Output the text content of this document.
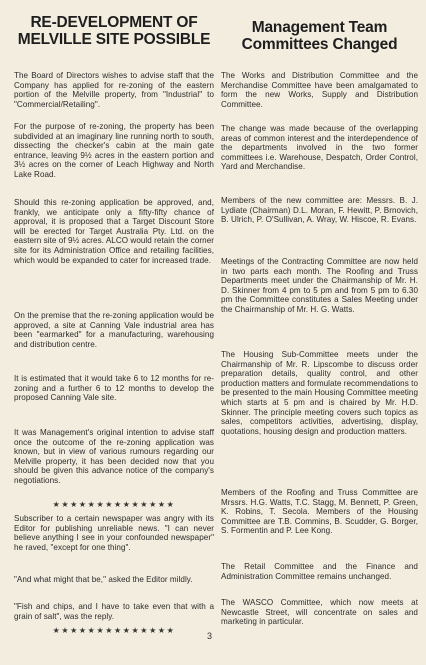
RE-DEVELOPMENT OF MELVILLE SITE POSSIBLE

The Board of Directors wishes to advise staff that the Company has applied for re-zoning of the eastern portion of the Melville property, from "Industrial" to "Commercial/Retailing".

For the purpose of re-zoning, the property has been subdivided at an imaginary line running north to south, dissecting the checker's cabin at the main gate entrance, leaving 9½ acres in the eastern portion and 3½ acres on the corner of Leach Highway and North Lake Road.

Should this re-zoning application be approved, and, frankly, we anticipate only a fifty-fifty chance of approval, it is proposed that a Target Discount Store will be erected for Target Australia Pty. Ltd. on the eastern site of 9½ acres. ALCO would retain the corner site for its Administration Office and retailing facilities, which would be expanded to cater for increased trade.

On the premise that the re-zoning application would be approved, a site at Canning Vale industrial area has been "earmarked" for a manufacturing, warehousing and distribution centre.

It is estimated that it would take 6 to 12 months for re-zoning and a further 6 to 12 months to develop the proposed Canning Vale site.

It was Management's original intention to advise staff once the outcome of the re-zoning application was known, but in view of various rumours regarding our Melville property, it has been decided now that you should be given this advance notice of the company's negotiations.

★★★★★★★★★★★★★★

Subscriber to a certain newspaper was angry with its Editor for publishing unreliable news. "I can never believe anything I see in your confounded newspaper" he raved, "except for one thing".

"And what might that be," asked the Editor mildly.

"Fish and chips, and I have to take even that with a grain of salt", was the reply.

★★★★★★★★★★★★★★
Management Team Committees Changed

The Works and Distribution Committee and the Merchandise Committee have been amalgamated to form the new Works, Supply and Distribution Committee.

The change was made because of the overlapping areas of common interest and the interdependence of the departments involved in the two former committees i.e. Warehouse, Despatch, Order Control, Yard and Merchandise.

Members of the new committee are: Messrs. B. J. Lydiate (Chairman) D.L. Moran, F. Hewitt, P. Brnovich, B. Ulrich, P. O'Sullivan, A. Wray, W. Hiscoe, R. Evans.

Meetings of the Contracting Committee are now held in two parts each month. The Roofing and Truss Departments meet under the Chairmanship of Mr. H. D. Skinner from 4 pm to 5 pm and from 5 pm to 6.30 pm the Committee constitutes a Sales Meeting under the Chairmanship of Mr. H. G. Watts.

The Housing Sub-Committee meets under the Chairmanship of Mr. R. Lipscombe to discuss order preparation details, quality control, and other production matters and formulate recommendations to be presented to the main Housing Committee meeting which starts at 5 pm and is chaired by Mr. H.D. Skinner. The principle meeting covers such topics as sales, competitors activities, advertising, display, quotations, housing design and production matters.

Members of the Roofing and Truss Committee are Mrssrs. H.G. Watts, T.C. Stagg, M. Bennett, P. Green, K. Robins, T. Secola. Members of the Housing Committee are T.B. Commins, B. Scudder, G. Borger, S. Formentin and P. Lee Kong.

The Retail Committee and the Finance and Administration Committee remains unchanged.

The WASCO Committee, which now meets at Newcastle Street, will concentrate on sales and marketing in particular.

3
